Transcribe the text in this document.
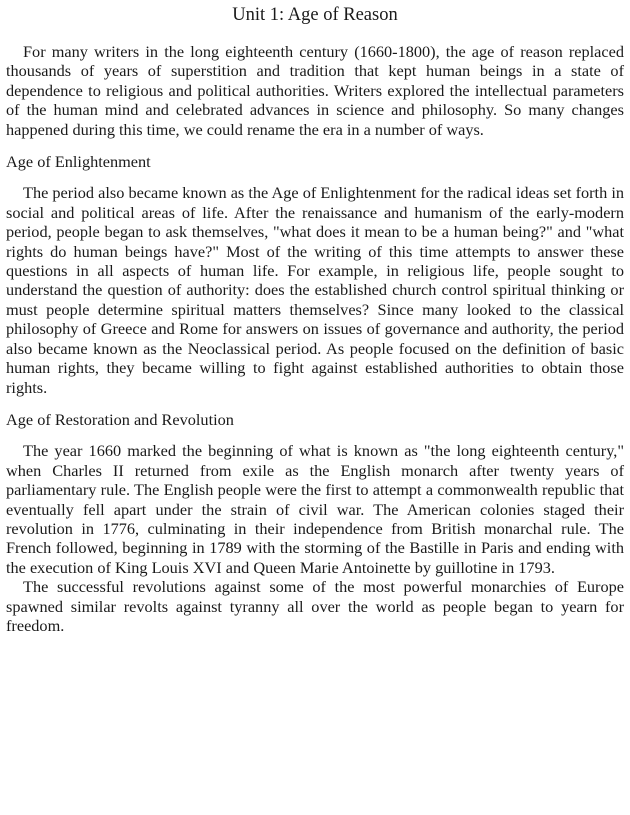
Unit 1: Age of Reason

For many writers in the long eighteenth century (1660-1800), the age of reason replaced thousands of years of superstition and tradition that kept human beings in a state of dependence to religious and political authorities. Writers explored the intellectual parameters of the human mind and celebrated advances in science and philosophy. So many changes happened during this time, we could rename the era in a number of ways.

Age of Enlightenment

The period also became known as the Age of Enlightenment for the radical ideas set forth in social and political areas of life. After the renaissance and humanism of the early-modern period, people began to ask themselves, "what does it mean to be a human being?" and "what rights do human beings have?" Most of the writing of this time attempts to answer these questions in all aspects of human life. For example, in religious life, people sought to understand the question of authority: does the established church control spiritual thinking or must people determine spiritual matters themselves? Since many looked to the classical philosophy of Greece and Rome for answers on issues of governance and authority, the period also became known as the Neoclassical period. As people focused on the definition of basic human rights, they became willing to fight against established authorities to obtain those rights.

Age of Restoration and Revolution

The year 1660 marked the beginning of what is known as "the long eighteenth century," when Charles II returned from exile as the English monarch after twenty years of parliamentary rule. The English people were the first to attempt a commonwealth republic that eventually fell apart under the strain of civil war. The American colonies staged their revolution in 1776, culminating in their independence from British monarchal rule. The French followed, beginning in 1789 with the storming of the Bastille in Paris and ending with the execution of King Louis XVI and Queen Marie Antoinette by guillotine in 1793.

The successful revolutions against some of the most powerful monarchies of Europe spawned similar revolts against tyranny all over the world as people began to yearn for freedom.
